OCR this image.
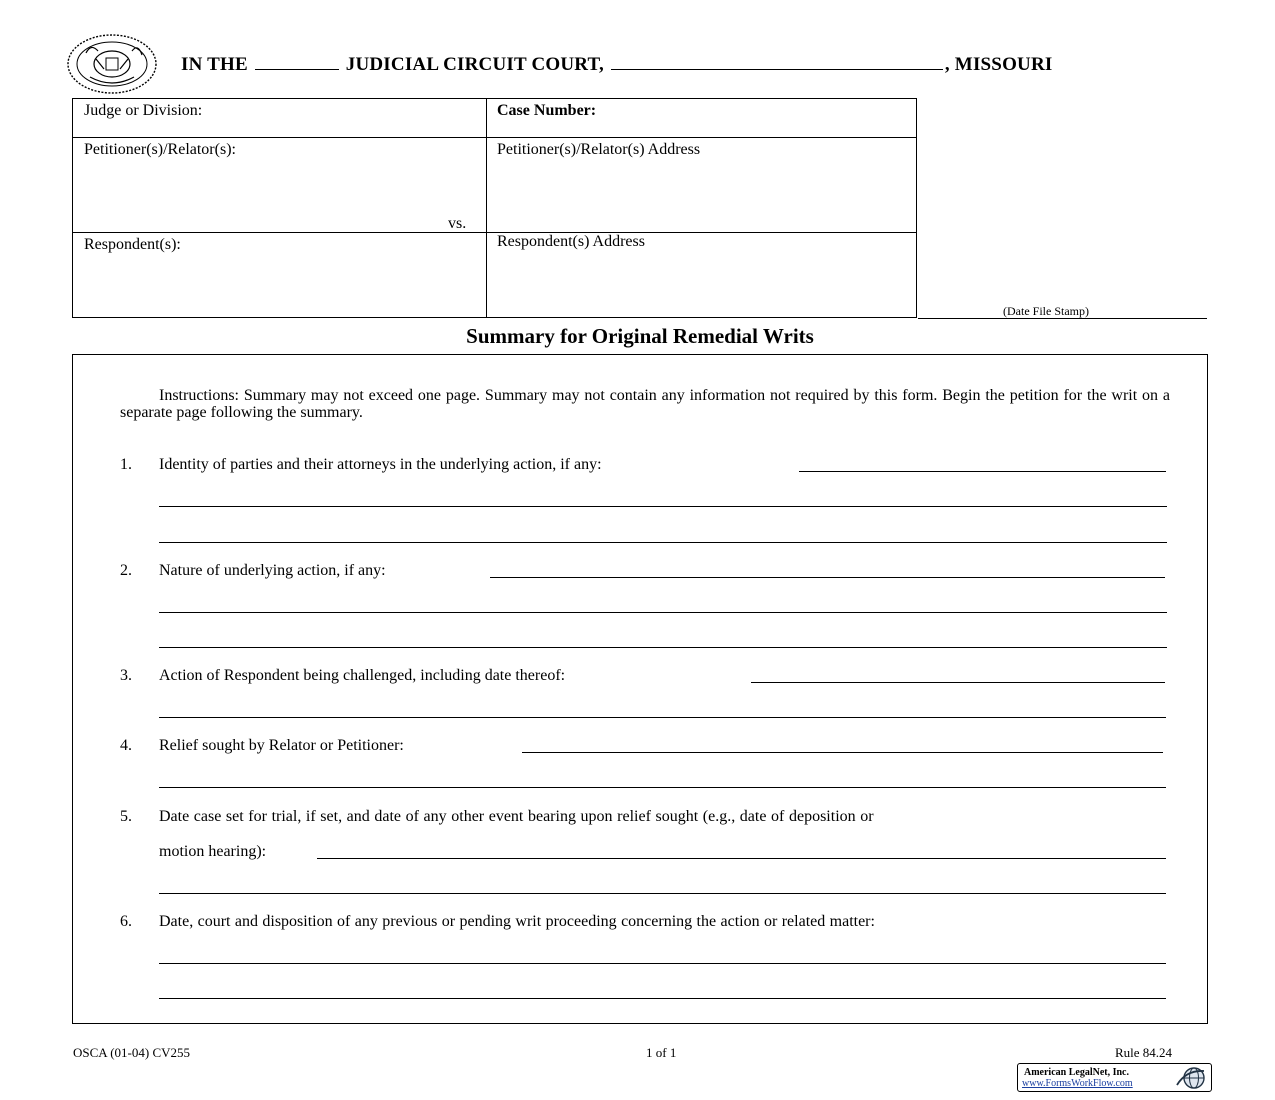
IN THE	JUDICIAL CIRCUIT COURT,	, MISSOURI
Judge or Division:	Case Number:
Petitioner(s)/Relator(s):	Petitioner(s)/Relator(s) Address
vs.
Respondent(s):	Respondent(s) Address
(Date File Stamp)
Summary for Original Remedial Writs
Instructions: Summary may not exceed one page. Summary may not contain any information not required by this form. Begin the petition for the writ on a separate page following the summary.
1. Identity of parties and their attorneys in the underlying action, if any:
2. Nature of underlying action, if any:
3. Action of Respondent being challenged, including date thereof:
4. Relief sought by Relator or Petitioner:
5. Date case set for trial, if set, and date of any other event bearing upon relief sought (e.g., date of deposition or
motion hearing):
6. Date, court and disposition of any previous or pending writ proceeding concerning the action or related matter:
OSCA (01-04) CV255	1 of 1	Rule 84.24
American LegalNet, Inc.
www.FormsWorkFlow.com
